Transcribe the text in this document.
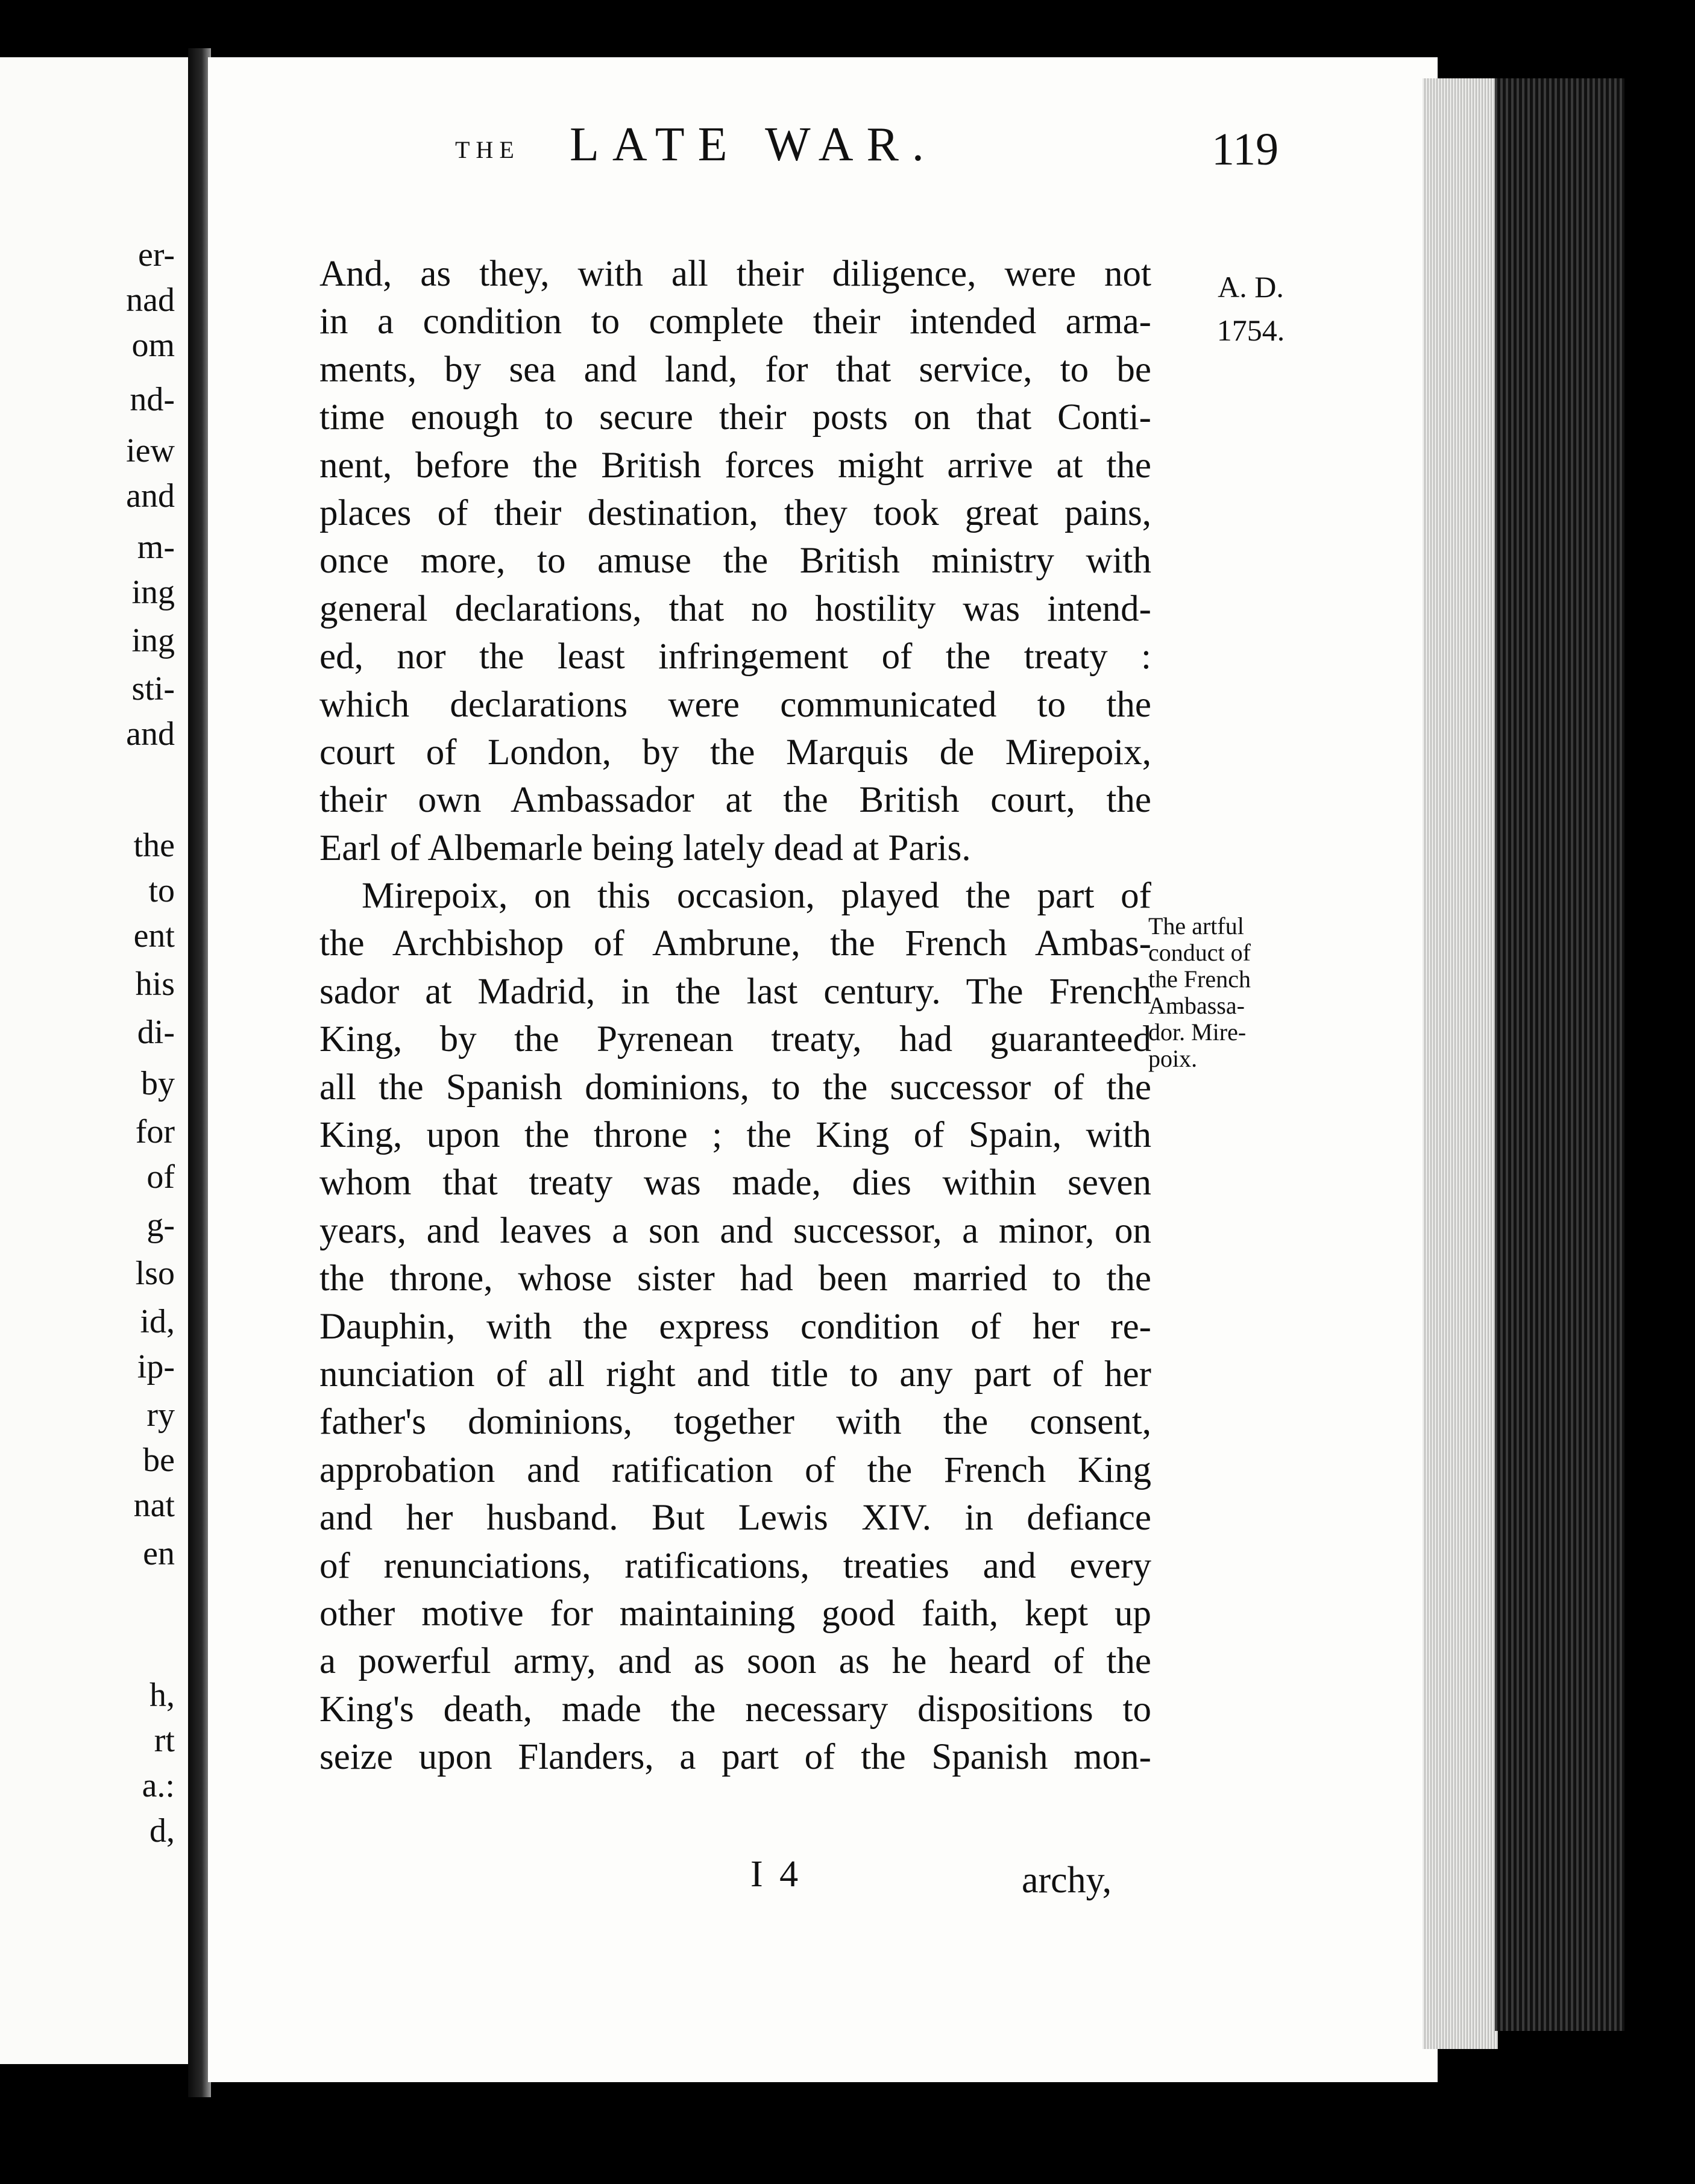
er-
nad
om
nd-
iew
and
m-
ing
ing
sti-
and
the
to
ent
his
di-
by
for
of
g-
lso
id,
ip-
ry
be
nat
en
h,
rt
a.:
d,
THE LATE WAR.	119
A. D.
1754.
The artful
conduct of
the French
Ambassa-
dor. Mire-
poix.
And, as they, with all their diligence, were not
in a condition to complete their intended arma-
ments, by sea and land, for that service, to be
time enough to secure their posts on that Conti-
nent, before the British forces might arrive at the
places of their destination, they took great pains,
once more, to amuse the British ministry with
general declarations, that no hostility was intend-
ed, nor the least infringement of the treaty :
which declarations were communicated to the
court of London, by the Marquis de Mirepoix,
their own Ambassador at the British court, the
Earl of Albemarle being lately dead at Paris.
Mirepoix, on this occasion, played the part of
the Archbishop of Ambrune, the French Ambas-
sador at Madrid, in the last century. The French
King, by the Pyrenean treaty, had guaranteed
all the Spanish dominions, to the successor of the
King, upon the throne ; the King of Spain, with
whom that treaty was made, dies within seven
years, and leaves a son and successor, a minor, on
the throne, whose sister had been married to the
Dauphin, with the express condition of her re-
nunciation of all right and title to any part of her
father's dominions, together with the consent,
approbation and ratification of the French King
and her husband. But Lewis XIV. in defiance
of renunciations, ratifications, treaties and every
other motive for maintaining good faith, kept up
a powerful army, and as soon as he heard of the
King's death, made the necessary dispositions to
seize upon Flanders, a part of the Spanish mon-
I 4	archy,
